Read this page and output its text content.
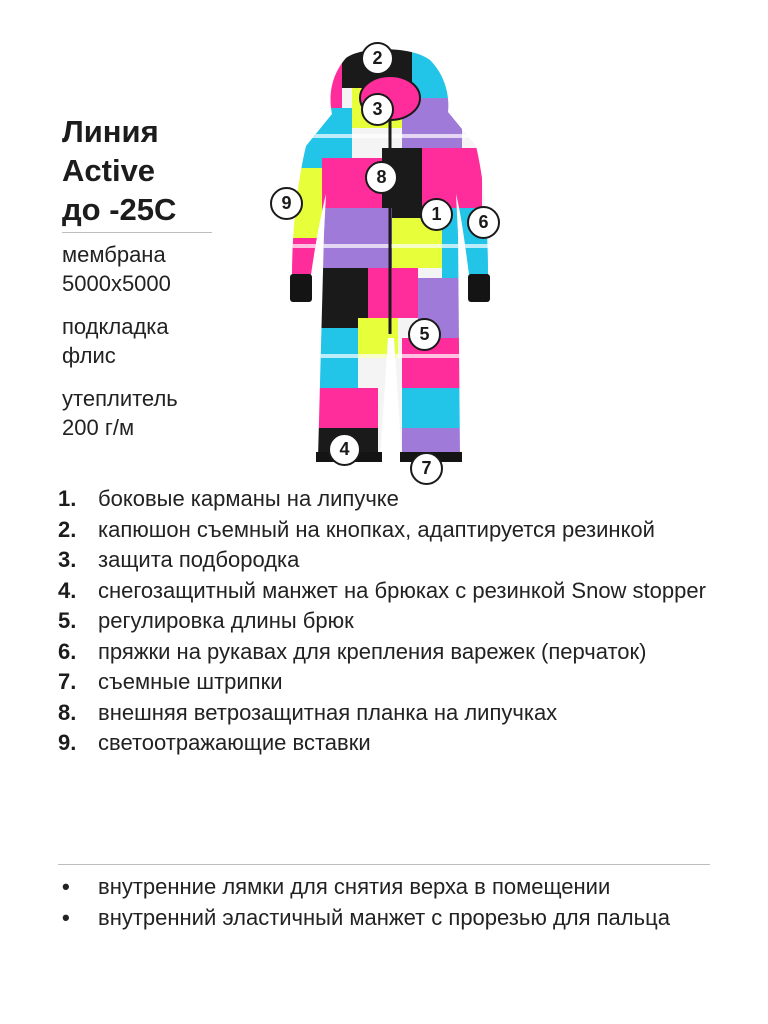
Линия
Active
до -25С
мембрана
5000x5000
подкладка
флис
утеплитель
200 г/м
2
3
8
9
1	6
5
4
7
1. боковые карманы на липучке
2. капюшон съемный на кнопках, адаптируется резинкой
3. защита подбородка
4. снегозащитный манжет на брюках с резинкой Snow stopper
5. регулировка длины брюк
6. пряжки на рукавах для крепления варежек (перчаток)
7. съемные штрипки
8. внешняя ветрозащитная планка на липучках
9. светоотражающие вставки
• внутренние лямки для снятия верха в помещении
• внутренний эластичный манжет с прорезью для пальца
